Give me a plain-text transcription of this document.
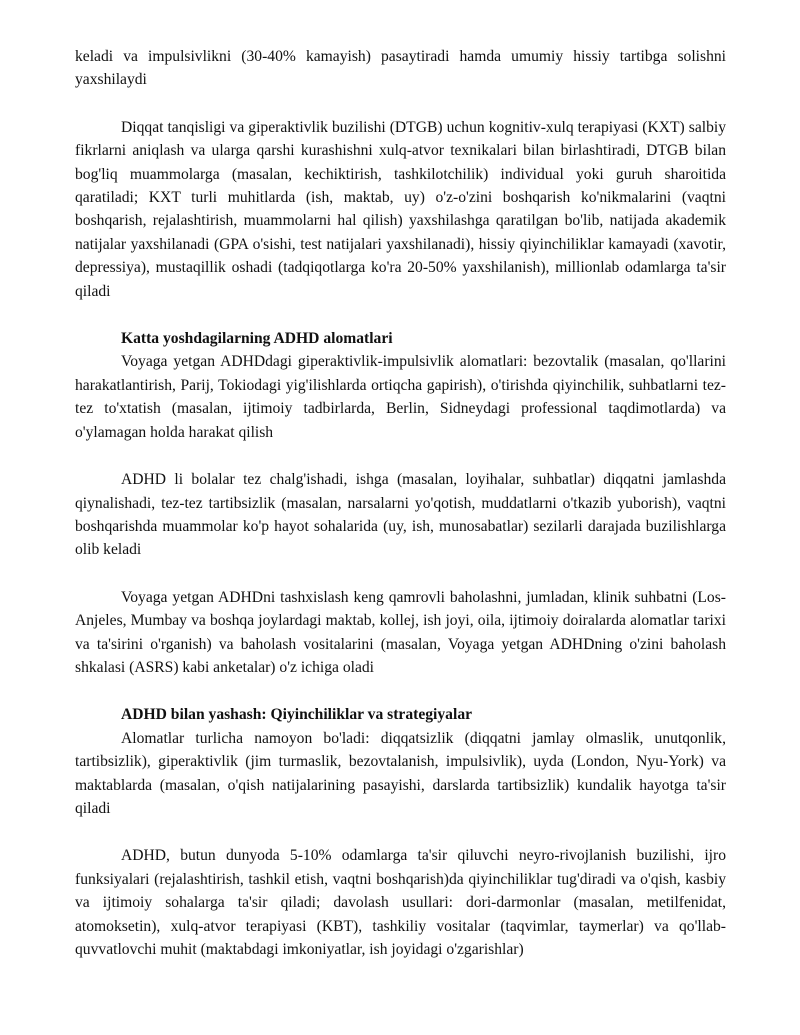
keladi va impulsivlikni (30-40% kamayish) pasaytiradi hamda umumiy hissiy tartibga solishni yaxshilaydi

Diqqat tanqisligi va giperaktivlik buzilishi (DTGB) uchun kognitiv-xulq terapiyasi (KXT) salbiy fikrlarni aniqlash va ularga qarshi kurashishni xulq-atvor texnikalari bilan birlashtiradi, DTGB bilan bog'liq muammolarga (masalan, kechiktirish, tashkilotchilik) individual yoki guruh sharoitida qaratiladi; KXT turli muhitlarda (ish, maktab, uy) o'z-o'zini boshqarish ko'nikmalarini (vaqtni boshqarish, rejalashtirish, muammolarni hal qilish) yaxshilashga qaratilgan bo'lib, natijada akademik natijalar yaxshilanadi (GPA o'sishi, test natijalari yaxshilanadi), hissiy qiyinchiliklar kamayadi (xavotir, depressiya), mustaqillik oshadi (tadqiqotlarga ko'ra 20-50% yaxshilanish), millionlab odamlarga ta'sir qiladi

Katta yoshdagilarning ADHD alomatlari

Voyaga yetgan ADHDdagi giperaktivlik-impulsivlik alomatlari: bezovtalik (masalan, qo'llarini harakatlantirish, Parij, Tokiodagi yig'ilishlarda ortiqcha gapirish), o'tirishda qiyinchilik, suhbatlarni tez-tez to'xtatish (masalan, ijtimoiy tadbirlarda, Berlin, Sidneydagi professional taqdimotlarda) va o'ylamagan holda harakat qilish

ADHD li bolalar tez chalg'ishadi, ishga (masalan, loyihalar, suhbatlar) diqqatni jamlashda qiynalishadi, tez-tez tartibsizlik (masalan, narsalarni yo'qotish, muddatlarni o'tkazib yuborish), vaqtni boshqarishda muammolar ko'p hayot sohalarida (uy, ish, munosabatlar) sezilarli darajada buzilishlarga olib keladi

Voyaga yetgan ADHDni tashxislash keng qamrovli baholashni, jumladan, klinik suhbatni (Los-Anjeles, Mumbay va boshqa joylardagi maktab, kollej, ish joyi, oila, ijtimoiy doiralarda alomatlar tarixi va ta'sirini o'rganish) va baholash vositalarini (masalan, Voyaga yetgan ADHDning o'zini baholash shkalasi (ASRS) kabi anketalar) o'z ichiga oladi

ADHD bilan yashash: Qiyinchiliklar va strategiyalar

Alomatlar turlicha namoyon bo'ladi: diqqatsizlik (diqqatni jamlay olmaslik, unutqonlik, tartibsizlik), giperaktivlik (jim turmaslik, bezovtalanish, impulsivlik), uyda (London, Nyu-York) va maktablarda (masalan, o'qish natijalarining pasayishi, darslarda tartibsizlik) kundalik hayotga ta'sir qiladi

ADHD, butun dunyoda 5-10% odamlarga ta'sir qiluvchi neyro-rivojlanish buzilishi, ijro funksiyalari (rejalashtirish, tashkil etish, vaqtni boshqarish)da qiyinchiliklar tug'diradi va o'qish, kasbiy va ijtimoiy sohalarga ta'sir qiladi; davolash usullari: dori-darmonlar (masalan, metilfenidat, atomoksetin), xulq-atvor terapiyasi (KBT), tashkiliy vositalar (taqvimlar, taymerlar) va qo'llab-quvvatlovchi muhit (maktabdagi imkoniyatlar, ish joyidagi o'zgarishlar)
